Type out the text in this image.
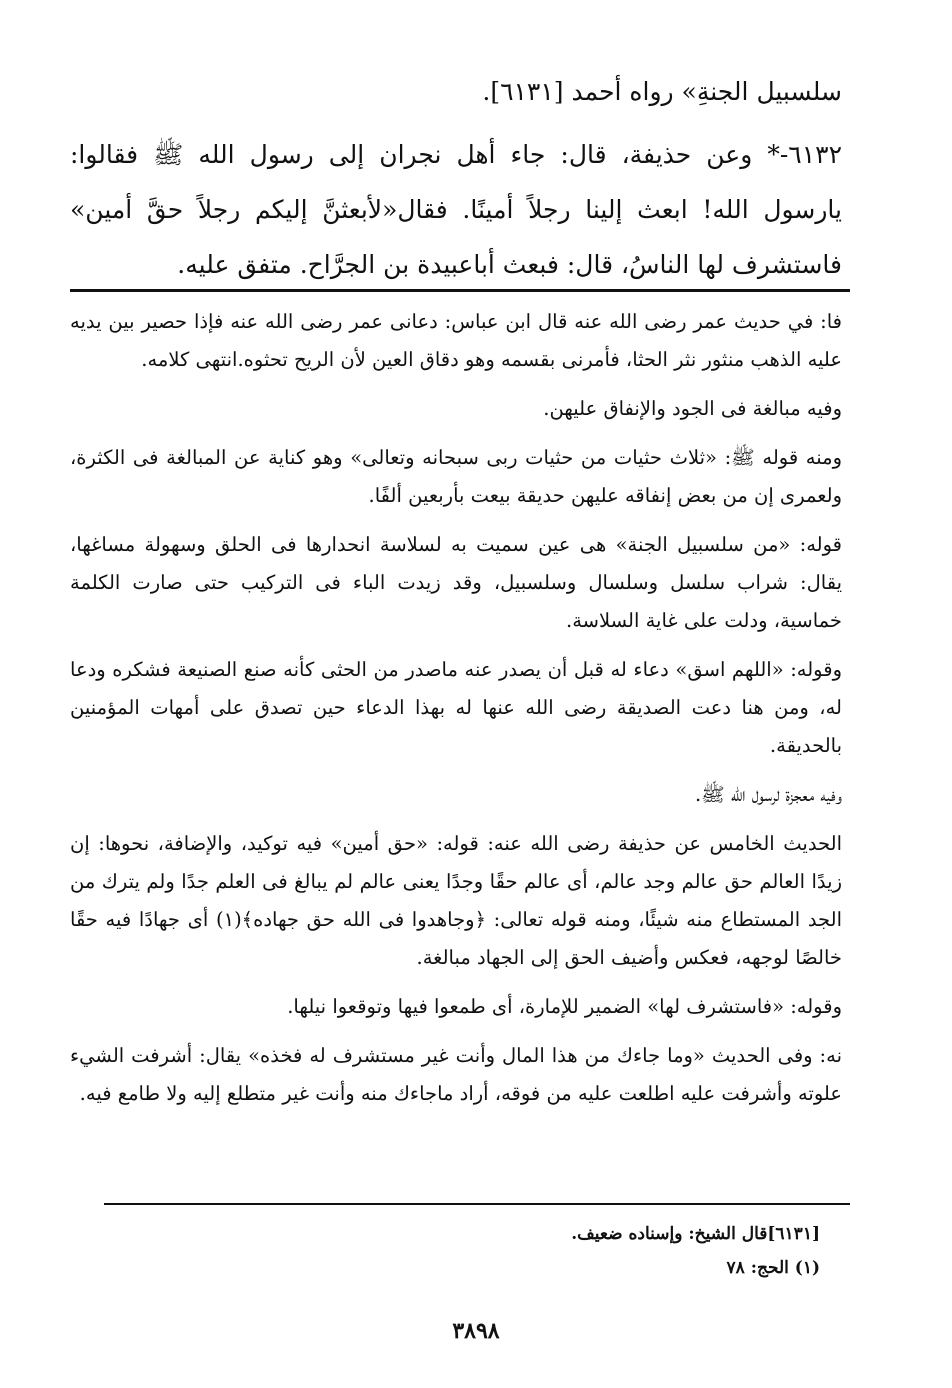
سلسبيل الجنةِ» رواه أحمد [٦١٣١].

٦١٣٢-* وعن حذيفة، قال: جاء أهل نجران إلى رسول الله ﷺ فقالوا: يارسول الله! ابعث إلينا رجلاً أمينًا. فقال«لأبعثنَّ إليكم رجلاً حقَّ أمين» فاستشرف لها الناسُ، قال: فبعث أباعبيدة بن الجرَّاح. متفق عليه.

فا: في حديث عمر رضى الله عنه قال ابن عباس: دعانى عمر رضى الله عنه فإذا حصير بين يديه عليه الذهب منثور نثر الحثا، فأمرنى بقسمه وهو دقاق العين لأن الريح تحثوه.انتهى كلامه.

وفيه مبالغة فى الجود والإنفاق عليهن.

ومنه قوله ﷺ: «ثلاث حثيات من حثيات ربى سبحانه وتعالى» وهو كناية عن المبالغة فى الكثرة، ولعمرى إن من بعض إنفاقه عليهن حديقة بيعت بأربعين ألفًا.

قوله: «من سلسبيل الجنة» هى عين سميت به لسلاسة انحدارها فى الحلق وسهولة مساغها، يقال: شراب سلسل وسلسال وسلسبيل، وقد زيدت الباء فى التركيب حتى صارت الكلمة خماسية، ودلت على غاية السلاسة.

وقوله: «اللهم اسق» دعاء له قبل أن يصدر عنه ماصدر من الحثى كأنه صنع الصنيعة فشكره ودعا له، ومن هنا دعت الصديقة رضى الله عنها له بهذا الدعاء حين تصدق على أمهات المؤمنين بالحديقة.

وفيه معجزة لرسول الله ﷺ.

الحديث الخامس عن حذيفة رضى الله عنه: قوله: «حق أمين» فيه توكيد، والإضافة، نحوها: إن زيدًا العالم حق عالم وجد عالم، أى عالم حقًا وجدًا يعنى عالم لم يبالغ فى العلم جدًا ولم يترك من الجد المستطاع منه شيئًا، ومنه قوله تعالى: ﴿وجاهدوا فى الله حق جهاده﴾(١) أى جهادًا فيه حقًا خالصًا لوجهه، فعكس وأضيف الحق إلى الجهاد مبالغة.

وقوله: «فاستشرف لها» الضمير للإمارة، أى طمعوا فيها وتوقعوا نيلها.

نه: وفى الحديث «وما جاءك من هذا المال وأنت غير مستشرف له فخذه» يقال: أشرفت الشيء علوته وأشرفت عليه اطلعت عليه من فوقه، أراد ماجاءك منه وأنت غير متطلع إليه ولا طامع فيه.

[٦١٣١]قال الشيخ: وإسناده ضعيف.

(١) الحج: ٧٨

٣٨٩٨
